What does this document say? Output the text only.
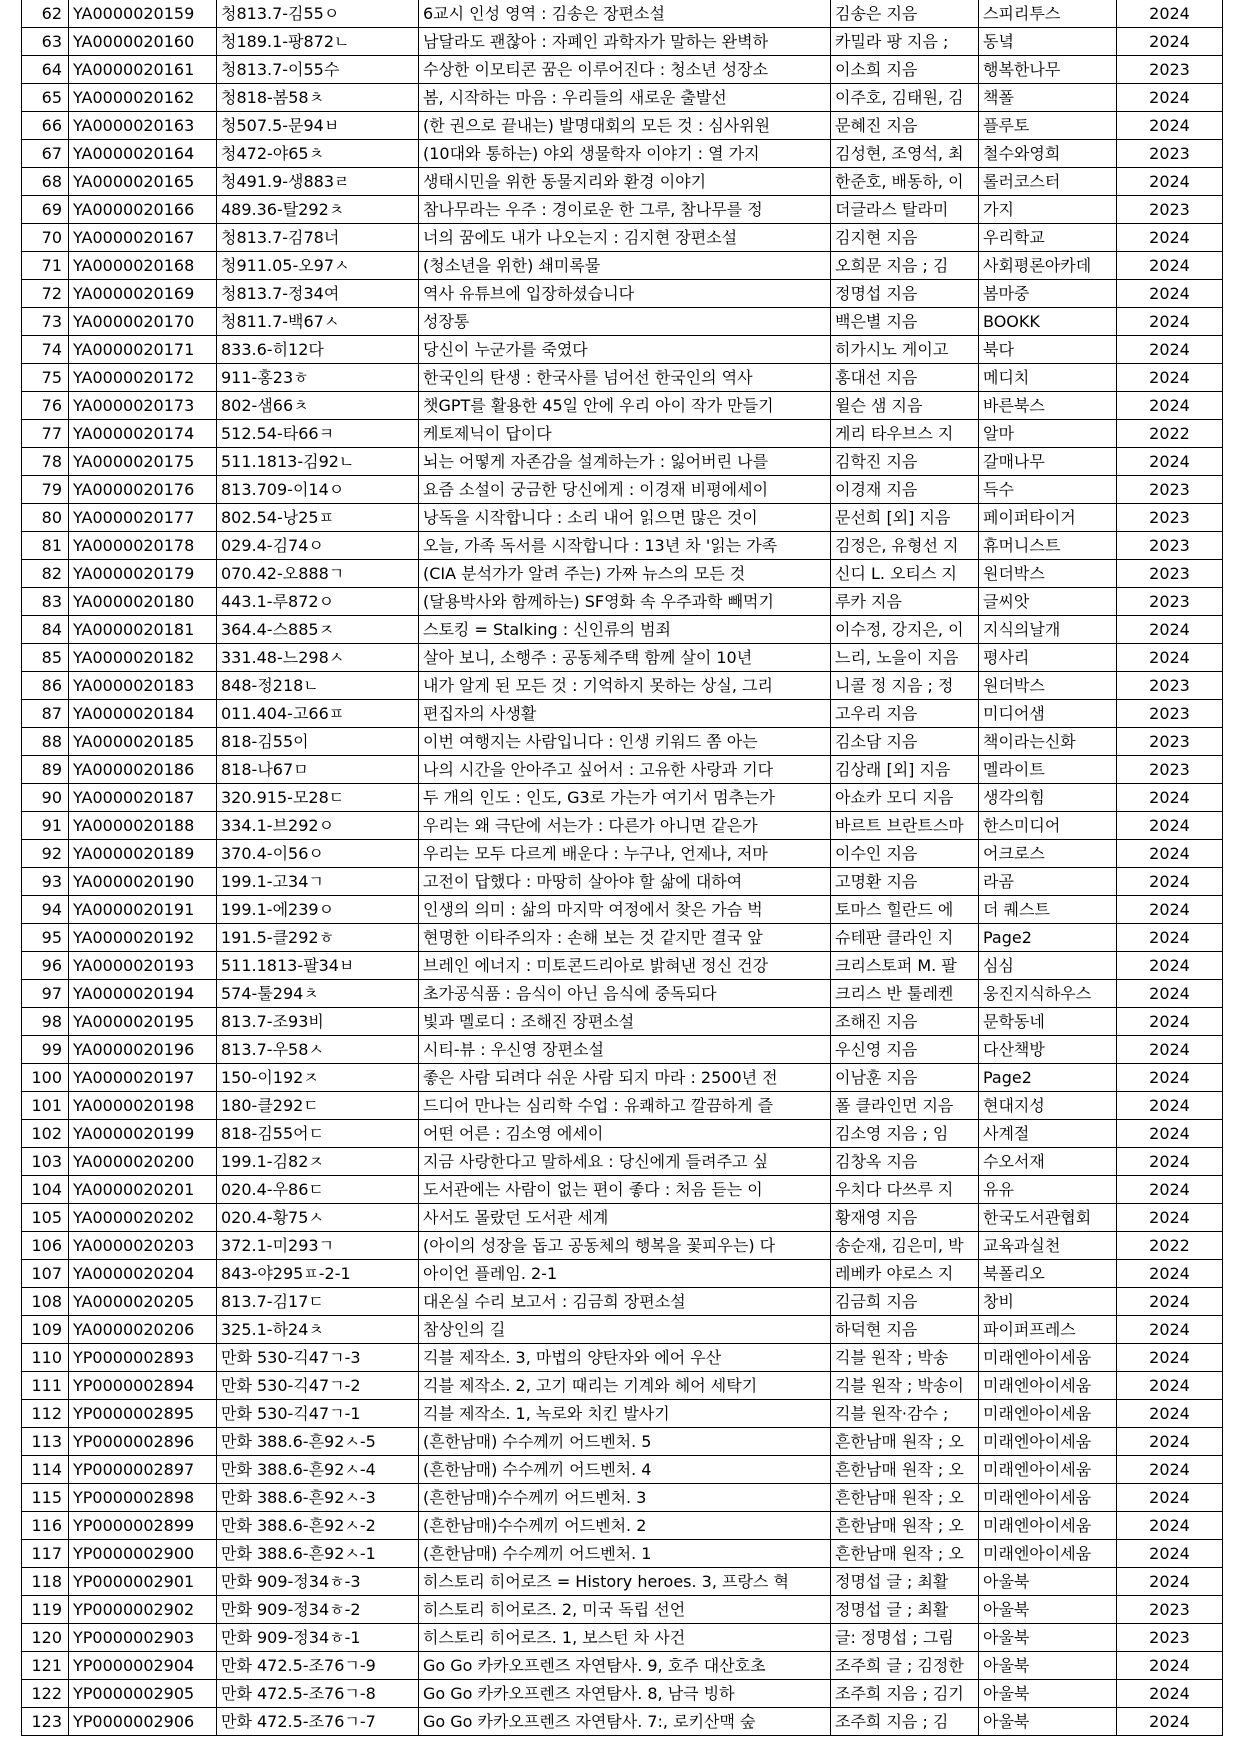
62	YA0000020159	청813.7-김55ㅇ	6교시 인성 영역 : 김송은 장편소설	김송은 지음	스피리투스	2024
63	YA0000020160	청189.1-팡872ㄴ	남달라도 괜찮아 : 자폐인 과학자가 말하는 완벽하	카밀라 팡 지음 ;	동녘	2024
64	YA0000020161	청813.7-이55수	수상한 이모티콘 꿈은 이루어진다 : 청소년 성장소	이소희 지음	행복한나무	2023
65	YA0000020162	청818-봄58ㅊ	봄, 시작하는 마음 : 우리들의 새로운 출발선	이주호, 김태원, 김	책폴	2024
66	YA0000020163	청507.5-문94ㅂ	(한 권으로 끝내는) 발명대회의 모든 것 : 심사위원	문혜진 지음	플루토	2024
67	YA0000020164	청472-야65ㅊ	(10대와 통하는) 야외 생물학자 이야기 : 열 가지	김성현, 조영석, 최	철수와영희	2023
68	YA0000020165	청491.9-생883ㄹ	생태시민을 위한 동물지리와 환경 이야기	한준호, 배동하, 이	롤러코스터	2024
69	YA0000020166	489.36-탈292ㅊ	참나무라는 우주 : 경이로운 한 그루, 참나무를 정	더글라스 탈라미	가지	2023
70	YA0000020167	청813.7-김78너	너의 꿈에도 내가 나오는지 : 김지현 장편소설	김지현 지음	우리학교	2024
71	YA0000020168	청911.05-오97ㅅ	(청소년을 위한) 쇄미록물	오희문 지음 ; 김	사회평론아카데	2024
72	YA0000020169	청813.7-정34여	역사 유튜브에 입장하셨습니다	정명섭 지음	봄마중	2024
73	YA0000020170	청811.7-백67ㅅ	성장통	백은별 지음	BOOKK	2024
74	YA0000020171	833.6-히12다	당신이 누군가를 죽였다	히가시노 게이고	북다	2024
75	YA0000020172	911-홍23ㅎ	한국인의 탄생 : 한국사를 넘어선 한국인의 역사	홍대선 지음	메디치	2024
76	YA0000020173	802-샘66ㅊ	챗GPT를 활용한 45일 안에 우리 아이 작가 만들기	윌슨 샘 지음	바른북스	2024
77	YA0000020174	512.54-타66ㅋ	케토제닉이 답이다	게리 타우브스 지	알마	2022
78	YA0000020175	511.1813-김92ㄴ	뇌는 어떻게 자존감을 설계하는가 : 잃어버린 나를	김학진 지음	갈매나무	2024
79	YA0000020176	813.709-이14ㅇ	요즘 소설이 궁금한 당신에게 : 이경재 비평에세이	이경재 지음	득수	2023
80	YA0000020177	802.54-낭25ㅍ	낭독을 시작합니다 : 소리 내어 읽으면 많은 것이	문선희 [외] 지음	페이퍼타이거	2023
81	YA0000020178	029.4-김74ㅇ	오늘, 가족 독서를 시작합니다 : 13년 차 '읽는 가족	김정은, 유형선 지	휴머니스트	2023
82	YA0000020179	070.42-오888ㄱ	(CIA 분석가가 알려 주는) 가짜 뉴스의 모든 것	신디 L. 오티스 지	원더박스	2023
83	YA0000020180	443.1-루872ㅇ	(달용박사와 함께하는) SF영화 속 우주과학 빼먹기	루카 지음	글씨앗	2023
84	YA0000020181	364.4-스885ㅈ	스토킹 = Stalking : 신인류의 범죄	이수정, 강지은, 이	지식의날개	2024
85	YA0000020182	331.48-느298ㅅ	살아 보니, 소행주 : 공동체주택 함께 살이 10년	느리, 노을이 지음	평사리	2024
86	YA0000020183	848-정218ㄴ	내가 알게 된 모든 것 : 기억하지 못하는 상실, 그리	니콜 정 지음 ; 정	원더박스	2023
87	YA0000020184	011.404-고66ㅍ	편집자의 사생활	고우리 지음	미디어샘	2023
88	YA0000020185	818-김55이	이번 여행지는 사람입니다 : 인생 키워드 쫌 아는	김소담 지음	책이라는신화	2023
89	YA0000020186	818-나67ㅁ	나의 시간을 안아주고 싶어서 : 고유한 사랑과 기다	김상래 [외] 지음	멜라이트	2023
90	YA0000020187	320.915-모28ㄷ	두 개의 인도 : 인도, G3로 가는가 여기서 멈추는가	아쇼카 모디 지음	생각의힘	2024
91	YA0000020188	334.1-브292ㅇ	우리는 왜 극단에 서는가 : 다른가 아니면 같은가	바르트 브란트스마	한스미디어	2024
92	YA0000020189	370.4-이56ㅇ	우리는 모두 다르게 배운다 : 누구나, 언제나, 저마	이수인 지음	어크로스	2024
93	YA0000020190	199.1-고34ㄱ	고전이 답했다 : 마땅히 살아야 할 삶에 대하여	고명환 지음	라곰	2024
94	YA0000020191	199.1-에239ㅇ	인생의 의미 : 삶의 마지막 여정에서 찾은 가슴 벅	토마스 힐란드 에	더 퀘스트	2024
95	YA0000020192	191.5-클292ㅎ	현명한 이타주의자 : 손해 보는 것 같지만 결국 앞	슈테판 클라인 지	Page2	2024
96	YA0000020193	511.1813-팔34ㅂ	브레인 에너지 : 미토콘드리아로 밝혀낸 정신 건강	크리스토퍼 M. 팔	심심	2024
97	YA0000020194	574-툴294ㅊ	초가공식품 : 음식이 아닌 음식에 중독되다	크리스 반 툴레켄	웅진지식하우스	2024
98	YA0000020195	813.7-조93비	빛과 멜로디 : 조해진 장편소설	조해진 지음	문학동네	2024
99	YA0000020196	813.7-우58ㅅ	시티-뷰 : 우신영 장편소설	우신영 지음	다산책방	2024
100	YA0000020197	150-이192ㅈ	좋은 사람 되려다 쉬운 사람 되지 마라 : 2500년 전	이남훈 지음	Page2	2024
101	YA0000020198	180-클292ㄷ	드디어 만나는 심리학 수업 : 유쾌하고 깔끔하게 즐	폴 클라인먼 지음	현대지성	2024
102	YA0000020199	818-김55어ㄷ	어떤 어른 : 김소영 에세이	김소영 지음 ; 임	사계절	2024
103	YA0000020200	199.1-김82ㅈ	지금 사랑한다고 말하세요 : 당신에게 들려주고 싶	김창옥 지음	수오서재	2024
104	YA0000020201	020.4-우86ㄷ	도서관에는 사람이 없는 편이 좋다 : 처음 듣는 이	우치다 다쓰루 지	유유	2024
105	YA0000020202	020.4-황75ㅅ	사서도 몰랐던 도서관 세계	황재영 지음	한국도서관협회	2024
106	YA0000020203	372.1-미293ㄱ	(아이의 성장을 돕고 공동체의 행복을 꽃피우는) 다	송순재, 김은미, 박	교육과실천	2022
107	YA0000020204	843-야295ㅍ-2-1	아이언 플레임. 2-1	레베카 야로스 지	북폴리오	2024
108	YA0000020205	813.7-김17ㄷ	대온실 수리 보고서 : 김금희 장편소설	김금희 지음	창비	2024
109	YA0000020206	325.1-하24ㅊ	참상인의 길	하덕현 지음	파이퍼프레스	2024
110	YP0000002893	만화 530-긱47ㄱ-3	긱블 제작소. 3, 마법의 양탄자와 에어 우산	긱블 원작 ; 박송	미래엔아이세움	2024
111	YP0000002894	만화 530-긱47ㄱ-2	긱블 제작소. 2, 고기 때리는 기계와 헤어 세탁기	긱블 원작 ; 박송이	미래엔아이세움	2024
112	YP0000002895	만화 530-긱47ㄱ-1	긱블 제작소. 1, 녹로와 치킨 발사기	긱블 원작·감수 ;	미래엔아이세움	2024
113	YP0000002896	만화 388.6-흔92ㅅ-5	(흔한남매) 수수께끼 어드벤처. 5	흔한남매 원작 ; 오	미래엔아이세움	2024
114	YP0000002897	만화 388.6-흔92ㅅ-4	(흔한남매) 수수께끼 어드벤처. 4	흔한남매 원작 ; 오	미래엔아이세움	2024
115	YP0000002898	만화 388.6-흔92ㅅ-3	(흔한남매)수수께끼 어드벤처. 3	흔한남매 원작 ; 오	미래엔아이세움	2024
116	YP0000002899	만화 388.6-흔92ㅅ-2	(흔한남매)수수께끼 어드벤처. 2	흔한남매 원작 ; 오	미래엔아이세움	2024
117	YP0000002900	만화 388.6-흔92ㅅ-1	(흔한남매) 수수께끼 어드벤처. 1	흔한남매 원작 ; 오	미래엔아이세움	2024
118	YP0000002901	만화 909-정34ㅎ-3	히스토리 히어로즈 = History heroes. 3, 프랑스 혁	정명섭 글 ; 최활	아울북	2024
119	YP0000002902	만화 909-정34ㅎ-2	히스토리 히어로즈. 2, 미국 독립 선언	정명섭 글 ; 최활	아울북	2023
120	YP0000002903	만화 909-정34ㅎ-1	히스토리 히어로즈. 1, 보스턴 차 사건	글: 정명섭 ; 그림	아울북	2023
121	YP0000002904	만화 472.5-조76ㄱ-9	Go Go 카카오프렌즈 자연탐사. 9, 호주 대산호초	조주희 글 ; 김정한	아울북	2024
122	YP0000002905	만화 472.5-조76ㄱ-8	Go Go 카카오프렌즈 자연탐사. 8, 남극 빙하	조주희 지음 ; 김기	아울북	2024
123	YP0000002906	만화 472.5-조76ㄱ-7	Go Go 카카오프렌즈 자연탐사. 7:, 로키산맥 숲	조주희 지음 ; 김	아울북	2024
